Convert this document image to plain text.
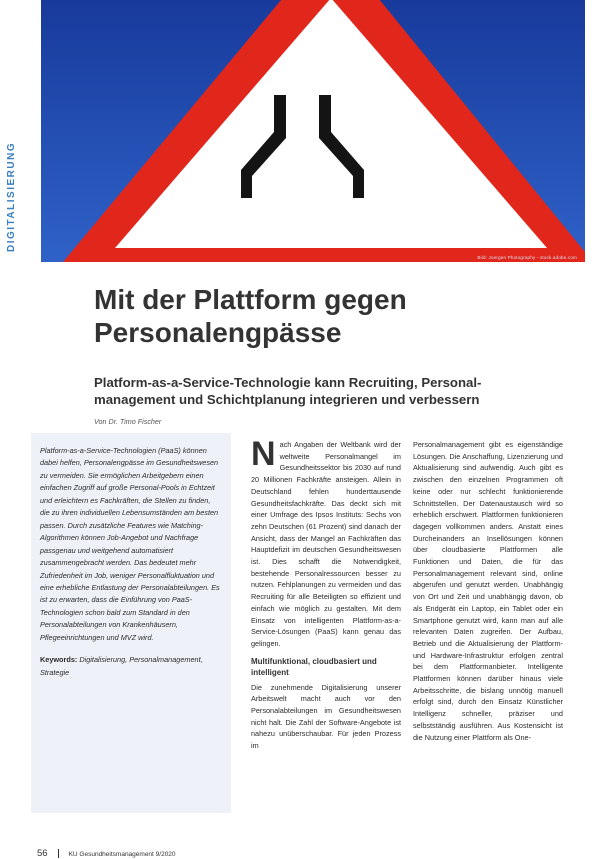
Bild: Joergen Photography - stock.adobe.com
DIGITALISIERUNG
Mit der Plattform gegen
Personalengpässe
Platform-as-a-Service-Technologie kann Recruiting, Personal-
management und Schichtplanung integrieren und verbessern
Von Dr. Timo Fischer
Platform-as-a-Service-Technologien (PaaS) können dabei helfen, Personalengpässe im Gesundheitswesen zu vermeiden. Sie ermöglichen Arbeitgebern einen einfachen Zugriff auf große Personal-Pools in Echtzeit und erleichtern es Fachkräften, die Stellen zu finden, die zu ihren individuellen Lebensumständen am besten passen. Durch zusätzliche Features wie Matching-Algorithmen können Job-Angebot und Nachfrage passgenau und weitgehend automatisiert zusammengebracht werden. Das bedeutet mehr Zufriedenheit im Job, weniger Personalfluktuation und eine erhebliche Entlastung der Personalabteilungen. Es ist zu erwarten, dass die Einführung von PaaS-Technologien schon bald zum Standard in den Personalabteilungen von Krankenhäusern, Pflegeeinrichtungen und MVZ wird.
Keywords: Digitalisierung, Personalmanagement, Strategie
Nach Angaben der Weltbank wird der weltweite Personalmangel im Gesundheitssektor bis 2030 auf rund 20 Millionen Fachkräfte ansteigen. Allein in Deutschland fehlen hunderttausende Gesundheitsfachkräfte. Das deckt sich mit einer Umfrage des Ipsos Instituts: Sechs von zehn Deutschen (61 Prozent) sind danach der Ansicht, dass der Mangel an Fachkräften das Hauptdefizit im deutschen Gesundheitswesen ist. Dies schafft die Notwendigkeit, bestehende Personalressourcen besser zu nutzen. Fehlplanungen zu vermeiden und das Recruiting für alle Beteiligten so effizient und einfach wie möglich zu gestalten. Mit dem Einsatz von intelligenten Plattform-as-a-Service-Lösungen (PaaS) kann genau das gelingen.
Multifunktional, cloudbasiert und intelligent
Die zunehmende Digitalisierung unserer Arbeitswelt macht auch vor den Personalabteilungen im Gesundheitswesen nicht halt. Die Zahl der Software-Angebote ist nahezu unüberschaubar. Für jeden Prozess im
Personalmanagement gibt es eigenständige Lösungen. Die Anschaffung, Lizenzierung und Aktualisierung sind aufwendig. Auch gibt es zwischen den einzelnen Programmen oft keine oder nur schlecht funktionierende Schnittstellen. Der Datenaustausch wird so erheblich erschwert. Plattformen funktionieren dagegen vollkommen anders. Anstatt eines Durcheinanders an Insellösungen können über cloudbasierte Plattformen alle Funktionen und Daten, die für das Personalmanagement relevant sind, online abgerufen und genutzt werden. Unabhängig von Ort und Zeit und unabhängig davon, ob als Endgerät ein Laptop, ein Tablet oder ein Smartphone genutzt wird, kann man auf alle relevanten Daten zugreifen. Der Aufbau, Betrieb und die Aktualisierung der Plattform- und Hardware-Infrastruktur erfolgen zentral bei dem Plattformanbieter. Intelligente Plattformen können darüber hinaus viele Arbeitsschritte, die bislang unnötig manuell erfolgt sind, durch den Einsatz Künstlicher Intelligenz schneller, präziser und selbstständig ausführen. Aus Kostensicht ist die Nutzung einer Plattform als One-
56	KU Gesundheitsmanagement 9/2020
